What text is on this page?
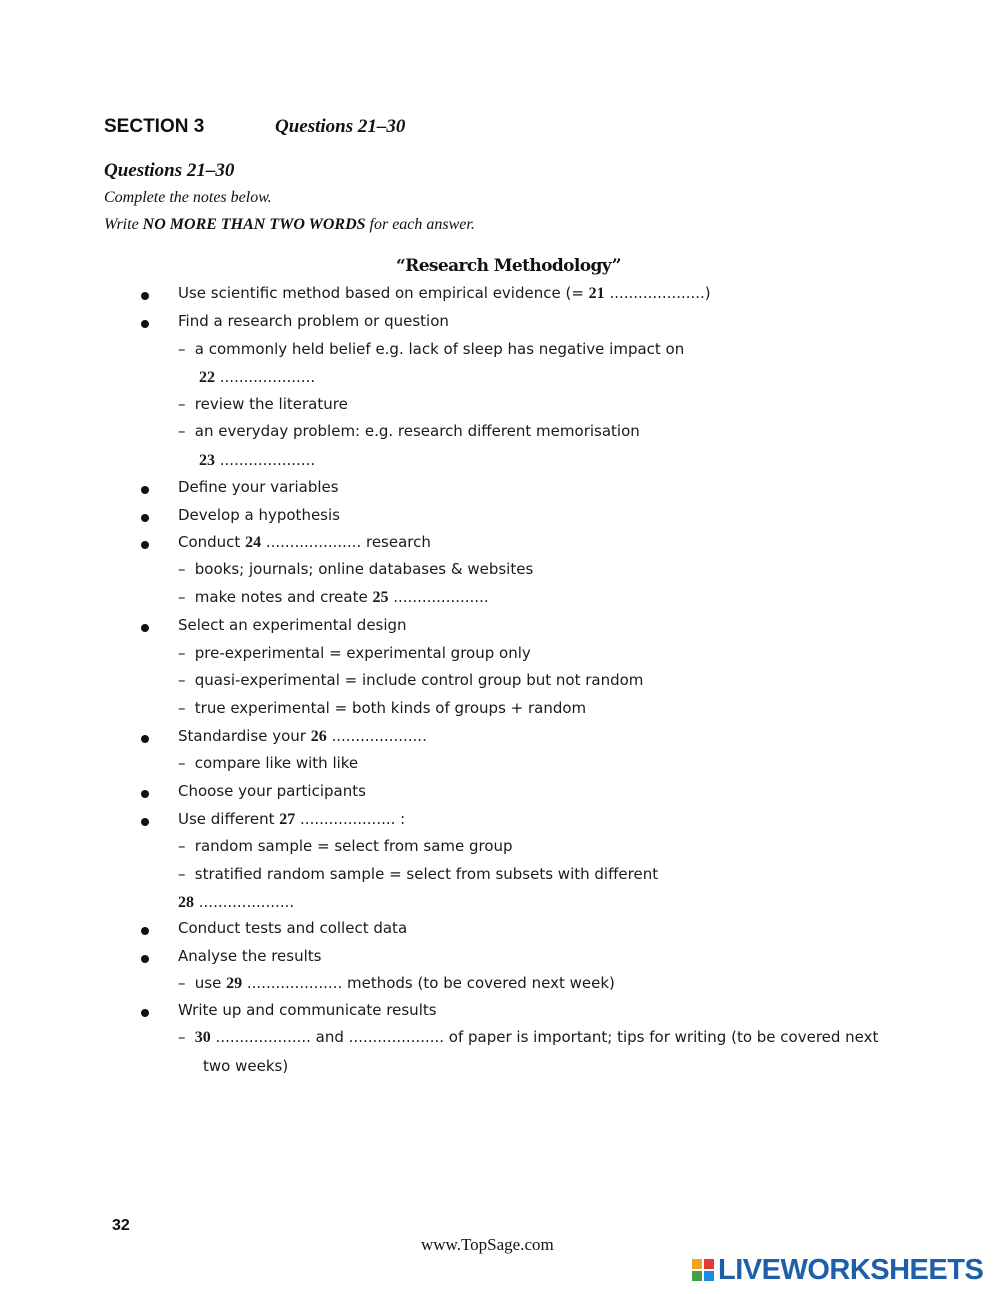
SECTION 3	Questions 21–30
Questions 21–30
Complete the notes below.
Write NO MORE THAN TWO WORDS for each answer.
“Research Methodology”
Use scientific method based on empirical evidence (= 21 ....................)
Find a research problem or question
– a commonly held belief e.g. lack of sleep has negative impact on
22 ....................
– review the literature
– an everyday problem: e.g. research different memorisation
23 ....................
Define your variables
Develop a hypothesis
Conduct 24 .................... research
– books; journals; online databases & websites
– make notes and create 25 ....................
Select an experimental design
– pre-experimental = experimental group only
– quasi-experimental = include control group but not random
– true experimental = both kinds of groups + random
Standardise your 26 ....................
– compare like with like
Choose your participants
Use different 27 .................... :
– random sample = select from same group
– stratified random sample = select from subsets with different
28 ....................
Conduct tests and collect data
Analyse the results
– use 29 .................... methods (to be covered next week)
Write up and communicate results
– 30 .................... and .................... of paper is important; tips for writing (to be covered next
two weeks)
32
www.TopSage.com
LIVEWORKSHEETS
